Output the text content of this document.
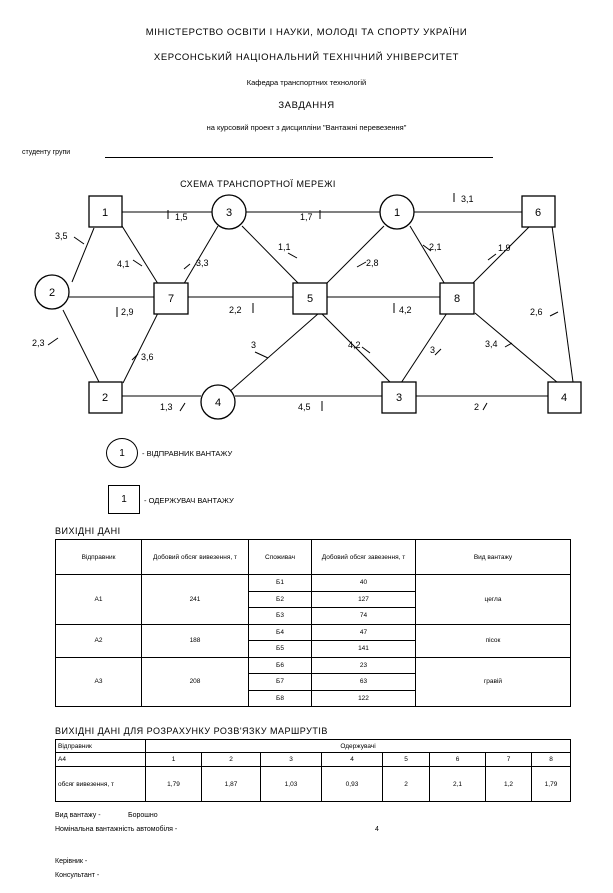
МІНІСТЕРСТВО ОСВІТИ І НАУКИ, МОЛОДІ ТА СПОРТУ УКРАЇНИ
ХЕРСОНСЬКИЙ НАЦІОНАЛЬНИЙ ТЕХНІЧНИЙ УНІВЕРСИТЕТ
Кафедра транспортних технологій
ЗАВДАННЯ
на курсовий проект з дисципліни "Вантажні перевезення"
студенту групи
СХЕМА ТРАНСПОРТНОЇ МЕРЕЖІ
1	3	1	6
2	7	5	8
2	4	3	4
3,5
1,5	1,7
3,1
4,1	3,3
1,1	2,1	1,9
2,9	2,2	4,2
2,8
2,6
2,3
3,6
3	4,2	3
3,4
1,3	4,5	2
1 - ВІДПРАВНИК ВАНТАЖУ
1 - ОДЕРЖУВАЧ ВАНТАЖУ
ВИХІДНІ ДАНІ
Відправник	Добовий обсяг вивезення, т	Споживач	Добовий обсяг завезення, т	Вид вантажу
А1	241	Б1	40	цегла
		Б2	127	
		Б3	74	
А2	188	Б4	47	пісок
		Б5	141	
А3	208	Б6	23	гравій
		Б7	63	
		Б8	122	
ВИХІДНІ ДАНІ ДЛЯ РОЗРАХУНКУ РОЗВ'ЯЗКУ МАРШРУТІВ
Відправник	Одержувачі							
А4	1	2	3	4	5	6	7	8
обсяг вивезення, т	1,79	1,87	1,03	0,93	2	2,1	1,2	1,79
Вид вантажу -	Борошно
Номінальна вантажність автомобіля -	4
Керівник -
Консультант -
